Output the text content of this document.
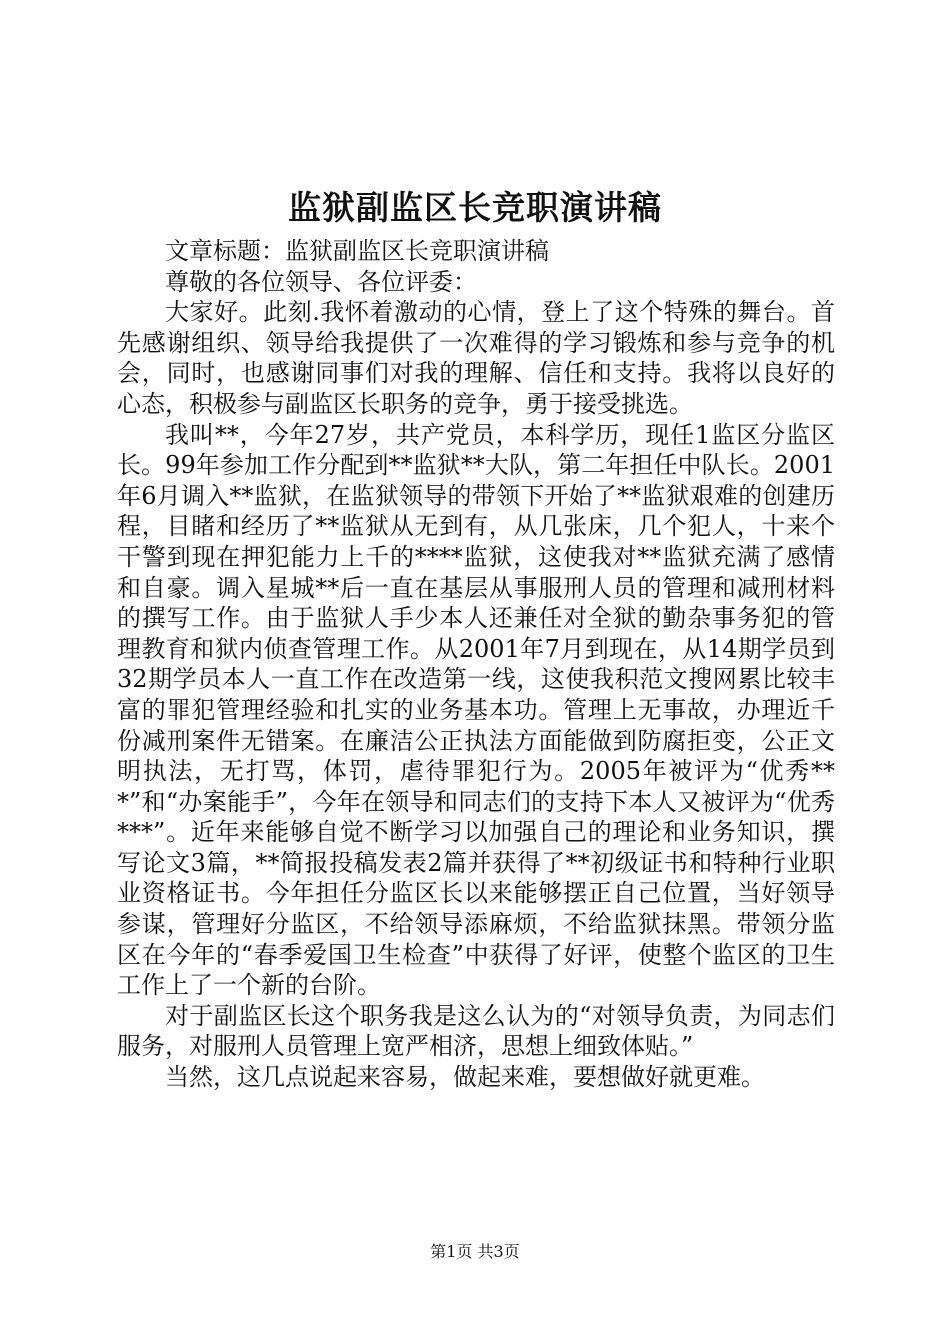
监狱副监区长竞职演讲稿

文章标题：监狱副监区长竞职演讲稿

尊敬的各位领导、各位评委：

大家好。此刻.我怀着激动的心情，登上了这个特殊的舞台。首先感谢组织、领导给我提供了一次难得的学习锻炼和参与竞争的机会，同时，也感谢同事们对我的理解、信任和支持。我将以良好的心态，积极参与副监区长职务的竞争，勇于接受挑选。

我叫**，今年27岁，共产党员，本科学历，现任1监区分监区长。99年参加工作分配到**监狱**大队，第二年担任中队长。2001年6月调入**监狱，在监狱领导的带领下开始了**监狱艰难的创建历程，目睹和经历了**监狱从无到有，从几张床，几个犯人，十来个干警到现在押犯能力上千的****监狱，这使我对**监狱充满了感情和自豪。调入星城**后一直在基层从事服刑人员的管理和减刑材料的撰写工作。由于监狱人手少本人还兼任对全狱的勤杂事务犯的管理教育和狱内侦查管理工作。从2001年7月到现在，从14期学员到32期学员本人一直工作在改造第一线，这使我积范文搜网累比较丰富的罪犯管理经验和扎实的业务基本功。管理上无事故，办理近千份减刑案件无错案。在廉洁公正执法方面能做到防腐拒变，公正文明执法，无打骂，体罚，虐待罪犯行为。2005年被评为“优秀***”和“办案能手”，今年在领导和同志们的支持下本人又被评为“优秀***”。近年来能够自觉不断学习以加强自己的理论和业务知识，撰写论文3篇，**简报投稿发表2篇并获得了**初级证书和特种行业职业资格证书。今年担任分监区长以来能够摆正自己位置，当好领导参谋，管理好分监区，不给领导添麻烦，不给监狱抹黑。带领分监区在今年的“春季爱国卫生检查”中获得了好评，使整个监区的卫生工作上了一个新的台阶。

对于副监区长这个职务我是这么认为的“对领导负责，为同志们服务，对服刑人员管理上宽严相济，思想上细致体贴。”

当然，这几点说起来容易，做起来难，要想做好就更难。

第1页 共3页
